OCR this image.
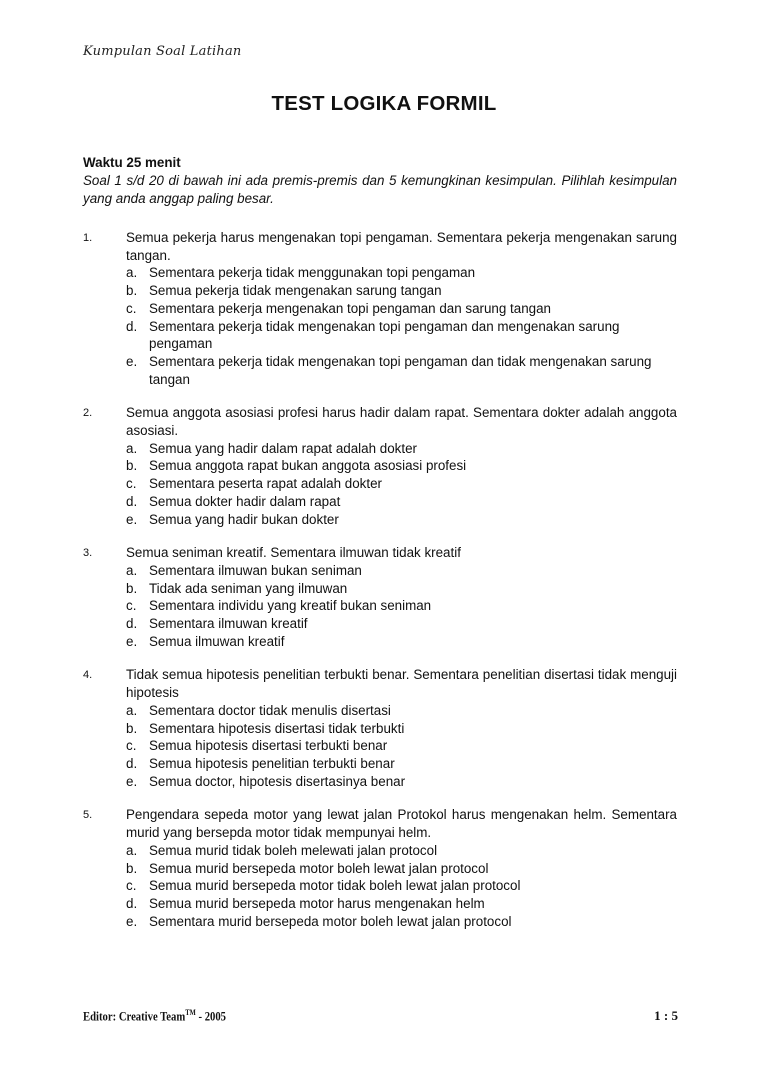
Kumpulan Soal Latihan
TEST LOGIKA FORMIL
Waktu 25 menit
Soal 1 s/d 20 di bawah ini ada premis-premis dan 5 kemungkinan kesimpulan. Pilihlah kesimpulan yang anda anggap paling besar.
1.	Semua pekerja harus mengenakan topi pengaman. Sementara pekerja mengenakan sarung tangan.
a. Sementara pekerja tidak menggunakan topi pengaman
b. Semua pekerja tidak mengenakan sarung tangan
c. Sementara pekerja mengenakan topi pengaman dan sarung tangan
d. Sementara pekerja tidak mengenakan topi pengaman dan mengenakan sarung pengaman
e. Sementara pekerja tidak mengenakan topi pengaman dan tidak mengenakan sarung tangan
2.	Semua anggota asosiasi profesi harus hadir dalam rapat. Sementara dokter adalah anggota asosiasi.
a. Semua yang hadir dalam rapat adalah dokter
b. Semua anggota rapat bukan anggota asosiasi profesi
c. Sementara peserta rapat adalah dokter
d. Semua dokter hadir dalam rapat
e. Semua yang hadir bukan dokter
3.	Semua seniman kreatif. Sementara ilmuwan tidak kreatif
a. Sementara ilmuwan bukan seniman
b. Tidak ada seniman yang ilmuwan
c. Sementara individu yang kreatif bukan seniman
d. Sementara ilmuwan kreatif
e. Semua ilmuwan kreatif
4.	Tidak semua hipotesis penelitian terbukti benar. Sementara penelitian disertasi tidak menguji hipotesis
a. Sementara doctor tidak menulis disertasi
b. Sementara hipotesis disertasi tidak terbukti
c. Semua hipotesis disertasi terbukti benar
d. Semua hipotesis penelitian terbukti benar
e. Semua doctor, hipotesis disertasinya benar
5.	Pengendara sepeda motor yang lewat jalan Protokol harus mengenakan helm. Sementara murid yang bersepda motor tidak mempunyai helm.
a. Semua murid tidak boleh melewati jalan protocol
b. Semua murid bersepeda motor boleh lewat jalan protocol
c. Semua murid bersepeda motor tidak boleh lewat jalan protocol
d. Semua murid bersepeda motor harus mengenakan helm
e. Sementara murid bersepeda motor boleh lewat jalan protocol
Editor: Creative Team™ - 2005	1 : 5
